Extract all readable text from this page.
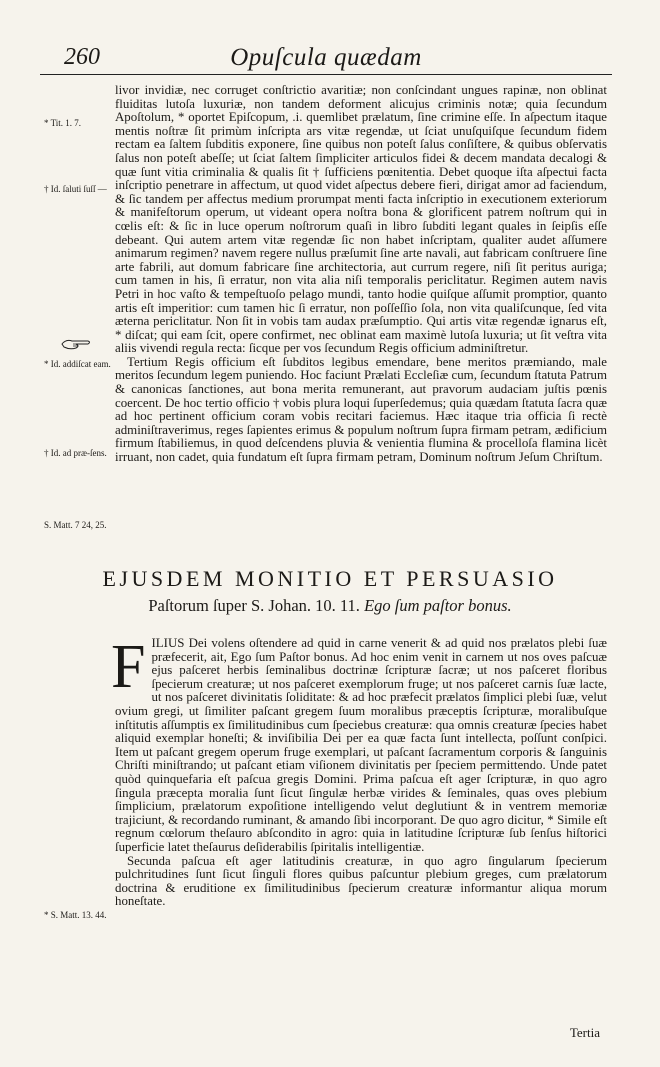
260	Opuſcula quædam
* Tit. 1. 7.
† Id. ſaluti ſuſſ —
* Id. addiſcat eam.
† Id. ad præ-ſens.
S. Matt. 7 24, 25.
* S. Matt. 13. 44.

livor invidiæ, nec corruget conſtrictio avaritiæ; non conſcindant ungues rapinæ, non oblinat fluiditas lutoſa luxuriæ, non tandem deforment alicujus criminis notæ; quia ſecundum Apoſtolum, * oportet Epiſcopum, .i. quemlibet prælatum, ſine crimine eſſe. In aſpectum itaque mentis noſtræ ſit primùm inſcripta ars vitæ regendæ, ut ſciat unuſquiſque ſecundum fidem rectam ea ſaltem ſubditis exponere, ſine quibus non poteſt ſalus conſiſtere, & quibus obſervatis ſalus non poteſt abeſſe; ut ſciat ſaltem ſimpliciter articulos fidei & decem mandata decalogi & quæ ſunt vitia criminalia & qualis ſit † ſufficiens pœnitentia. Debet quoque iſta aſpectui facta inſcriptio penetrare in affectum, ut quod videt aſpectus debere fieri, dirigat amor ad faciendum, & ſic tandem per affectus medium prorumpat menti facta inſcriptio in executionem exteriorum & manifeſtorum operum, ut videant opera noſtra bona & glorificent patrem noſtrum qui in cœlis eſt: & ſic in luce operum noſtrorum quaſi in libro ſubditi legant quales in ſeipſis eſſe debeant. Qui autem artem vitæ regendæ ſic non habet inſcriptam, qualiter audet aſſumere animarum regimen? navem regere nullus præſumit ſine arte navali, aut fabricam conſtruere ſine arte fabrili, aut domum fabricare ſine architectoria, aut currum regere, niſi ſit peritus auriga; cum tamen in his, ſi erratur, non vita alia niſi temporalis periclitatur. Regimen autem navis Petri in hoc vaſto & tempeſtuoſo pelago mundi, tanto hodie quiſque aſſumit promptior, quanto artis eſt imperitior: cum tamen hic ſi erratur, non poſſeſſio ſola, non vita qualiſcunque, ſed vita æterna periclitatur. Non ſit in vobis tam audax præſumptio. Qui artis vitæ regendæ ignarus eſt, * diſcat; qui eam ſcit, opere confirmet, nec oblinat eam maximè lutoſa luxuria; ut ſit veſtra vita aliis vivendi regula recta: ſicque per vos ſecundum Regis officium adminiſtretur.

Tertium Regis officium eſt ſubditos legibus emendare, bene meritos præmiando, male meritos ſecundum legem puniendo. Hoc faciunt Prælati Eccleſiæ cum, ſecundum ſtatuta Patrum & canonicas ſanctiones, aut bona merita remunerant, aut pravorum audaciam juſtis pœnis coercent. De hoc tertio officio † vobis plura loqui ſuperſedemus; quia quædam ſtatuta ſacra quæ ad hoc pertinent officium coram vobis recitari faciemus. Hæc itaque tria officia ſi rectè adminiſtraverimus, reges ſapientes erimus & populum noſtrum ſupra firmam petram, ædificium firmum ſtabiliemus, in quod deſcendens pluvia & venientia flumina & procelloſa flamina licèt irruant, non cadet, quia fundatum eſt ſupra firmam petram, Dominum noſtrum Jeſum Chriſtum.

EJUSDEM MONITIO ET PERSUASIO
Paſtorum ſuper S. Johan. 10. 11. Ego ſum paſtor bonus.

FILIUS Dei volens oſtendere ad quid in carne venerit & ad quid nos prælatos plebi ſuæ præfecerit, ait, Ego ſum Paſtor bonus. Ad hoc enim venit in carnem ut nos oves paſcuæ ejus paſceret herbis ſeminalibus doctrinæ ſcripturæ ſacræ; ut nos paſceret floribus ſpecierum creaturæ; ut nos paſceret exemplorum fruge; ut nos paſceret carnis ſuæ lacte, ut nos paſceret divinitatis ſoliditate: & ad hoc præfecit prælatos ſimplici plebi ſuæ, velut ovium gregi, ut ſimiliter paſcant gregem ſuum moralibus præceptis ſcripturæ, moralibuſque inſtitutis aſſumptis ex ſimilitudinibus cum ſpeciebus creaturæ: qua omnis creaturæ ſpecies habet aliquid exemplar honeſti; & inviſibilia Dei per ea quæ facta ſunt intellecta, poſſunt conſpici. Item ut paſcant gregem operum fruge exemplari, ut paſcant ſacramentum corporis & ſanguinis Chriſti miniſtrando; ut paſcant etiam viſionem divinitatis per ſpeciem permittendo. Unde patet quòd quinquefaria eſt paſcua gregis Domini. Prima paſcua eſt ager ſcripturæ, in quo agro ſingula præcepta moralia ſunt ſicut ſingulæ herbæ virides & ſeminales, quas oves plebium ſimplicium, prælatorum expoſitione intelligendo velut deglutiunt & in ventrem memoriæ trajiciunt, & recordando ruminant, & amando ſibi incorporant. De quo agro dicitur, * Simile eſt regnum cœlorum theſauro abſcondito in agro: quia in latitudine ſcripturæ ſub ſenſus hiſtorici ſuperficie latet theſaurus deſiderabilis ſpiritalis intelligentiæ.

Secunda paſcua eſt ager latitudinis creaturæ, in quo agro ſingularum ſpecierum pulchritudines ſunt ſicut ſinguli flores quibus paſcuntur plebium greges, cum prælatorum doctrina & eruditione ex ſimilitudinibus ſpecierum creaturæ informantur aliqua morum honeſtate.

Tertia
